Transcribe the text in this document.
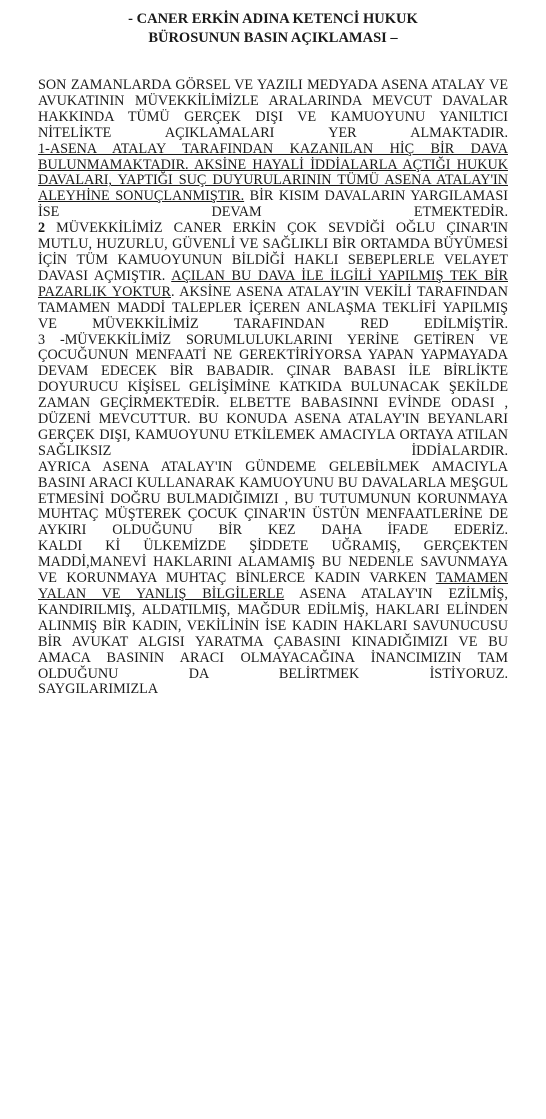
- CANER ERKİN ADINA KETENCİ HUKUK
BÜROSUNUN BASIN AÇIKLAMASI –

SON ZAMANLARDA GÖRSEL VE YAZILI MEDYADA ASENA ATALAY VE AVUKATININ MÜVEKKİLİMİZLE ARALARINDA MEVCUT DAVALAR HAKKINDA TÜMÜ GERÇEK DIŞI VE KAMUOYUNU YANILTICI NİTELİKTE AÇIKLAMALARI YER ALMAKTADIR.

1-ASENA ATALAY TARAFINDAN KAZANILAN HİÇ BİR DAVA BULUNMAMAKTADIR. AKSİNE HAYALİ İDDİALARLA AÇTIĞI HUKUK DAVALARI, YAPTIĞI SUÇ DUYURULARININ TÜMÜ ASENA ATALAY'IN ALEYHİNE SONUÇLANMIŞTIR. BİR KISIM DAVALARIN YARGILAMASI İSE DEVAM ETMEKTEDİR.

2 MÜVEKKİLİMİZ CANER ERKİN ÇOK SEVDİĞİ OĞLU ÇINAR'IN MUTLU, HUZURLU, GÜVENLİ VE SAĞLIKLI BİR ORTAMDA BÜYÜMESİ İÇİN TÜM KAMUOYUNUN BİLDİĞİ HAKLI SEBEPLERLE VELAYET DAVASI AÇMIŞTIR. AÇILAN BU DAVA İLE İLGİLİ YAPILMIŞ TEK BİR PAZARLIK YOKTUR. AKSİNE ASENA ATALAY'IN VEKİLİ TARAFINDAN TAMAMEN MADDİ TALEPLER İÇEREN ANLAŞMA TEKLİFİ YAPILMIŞ VE MÜVEKKİLİMİZ TARAFINDAN RED EDİLMİŞTİR.

3 -MÜVEKKİLİMİZ SORUMLULUKLARINI YERİNE GETİREN VE ÇOCUĞUNUN MENFAATİ NE GEREKTİRİYORSA YAPAN YAPMAYADA DEVAM EDECEK BİR BABADIR. ÇINAR BABASI İLE BİRLİKTE DOYURUCU KİŞİSEL GELİŞİMİNE KATKIDA BULUNACAK ŞEKİLDE ZAMAN GEÇİRMEKTEDİR. ELBETTE BABASINNI EVİNDE ODASI , DÜZENİ MEVCUTTUR. BU KONUDA ASENA ATALAY'IN BEYANLARI GERÇEK DIŞI, KAMUOYUNU ETKİLEMEK AMACIYLA ORTAYA ATILAN SAĞLIKSIZ İDDİALARDIR.

AYRICA ASENA ATALAY'IN GÜNDEME GELEBİLMEK AMACIYLA BASINI ARACI KULLANARAK KAMUOYUNU BU DAVALARLA MEŞGUL ETMESİNİ DOĞRU BULMADIĞIMIZI , BU TUTUMUNUN KORUNMAYA MUHTAÇ MÜŞTEREK ÇOCUK ÇINAR'IN ÜSTÜN MENFAATLERİNE DE AYKIRI OLDUĞUNU BİR KEZ DAHA İFADE EDERİZ.

KALDI Kİ ÜLKEMİZDE ŞİDDETE UĞRAMIŞ, GERÇEKTEN MADDİ,MANEVİ HAKLARINI ALAMAMIŞ BU NEDENLE SAVUNMAYA VE KORUNMAYA MUHTAÇ BİNLERCE KADIN VARKEN TAMAMEN YALAN VE YANLIŞ BİLGİLERLE ASENA ATALAY'IN EZİLMİŞ, KANDIRILMIŞ, ALDATILMIŞ, MAĞDUR EDİLMİŞ, HAKLARI ELİNDEN ALINMIŞ BİR KADIN, VEKİLİNİN İSE KADIN HAKLARI SAVUNUCUSU BİR AVUKAT ALGISI YARATMA ÇABASINI KINADIĞIMIZI VE BU AMACA BASININ ARACI OLMAYACAĞINA İNANCIMIZIN TAM OLDUĞUNU DA BELİRTMEK İSTİYORUZ.

SAYGILARIMIZLA
